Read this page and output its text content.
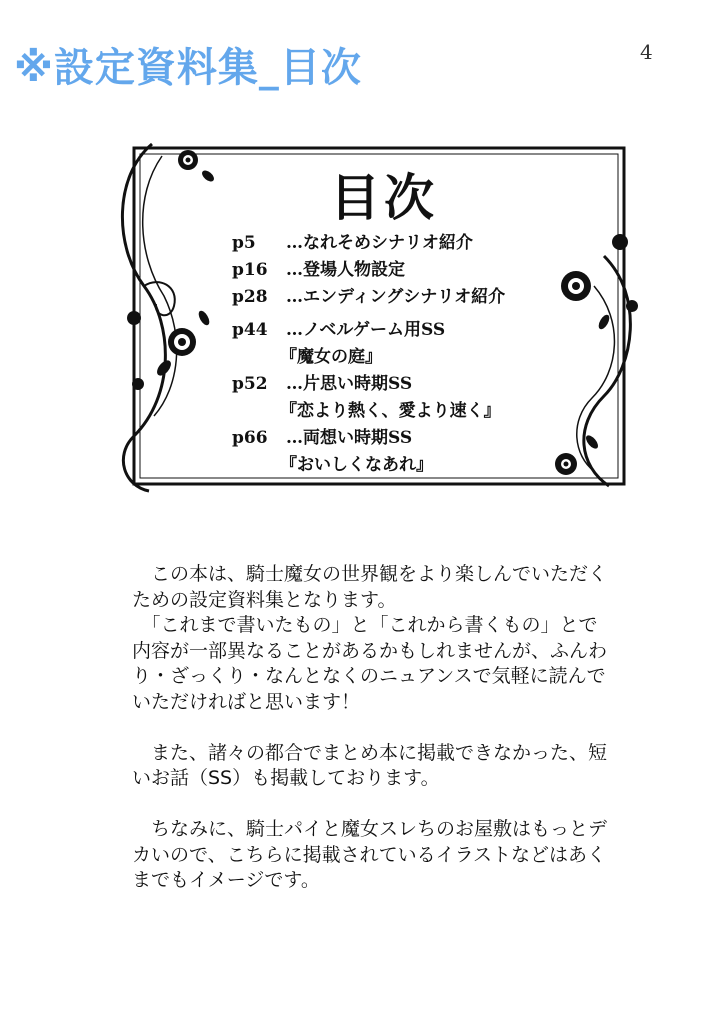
※設定資料集_目次	4
目次
p5	…なれそめシナリオ紹介
p16	…登場人物設定
p28	…エンディングシナリオ紹介
p44	…ノベルゲーム用SS
『魔女の庭』
p52	…片思い時期SS
『恋より熱く、愛より速く』
p66	…両想い時期SS
『おいしくなあれ』

　この本は、騎士魔女の世界観をより楽しんでいただく

ための設定資料集となります。

　「これまで書いたもの」と「これから書くもの」とで

内容が一部異なることがあるかもしれませんが、ふんわ

り・ざっくり・なんとなくのニュアンスで気軽に読んで

いただければと思います！

　また、諸々の都合でまとめ本に掲載できなかった、短

いお話（SS）も掲載しております。

　ちなみに、騎士パイと魔女スレちのお屋敷はもっとデ

カいので、こちらに掲載されているイラストなどはあく

までもイメージです。
